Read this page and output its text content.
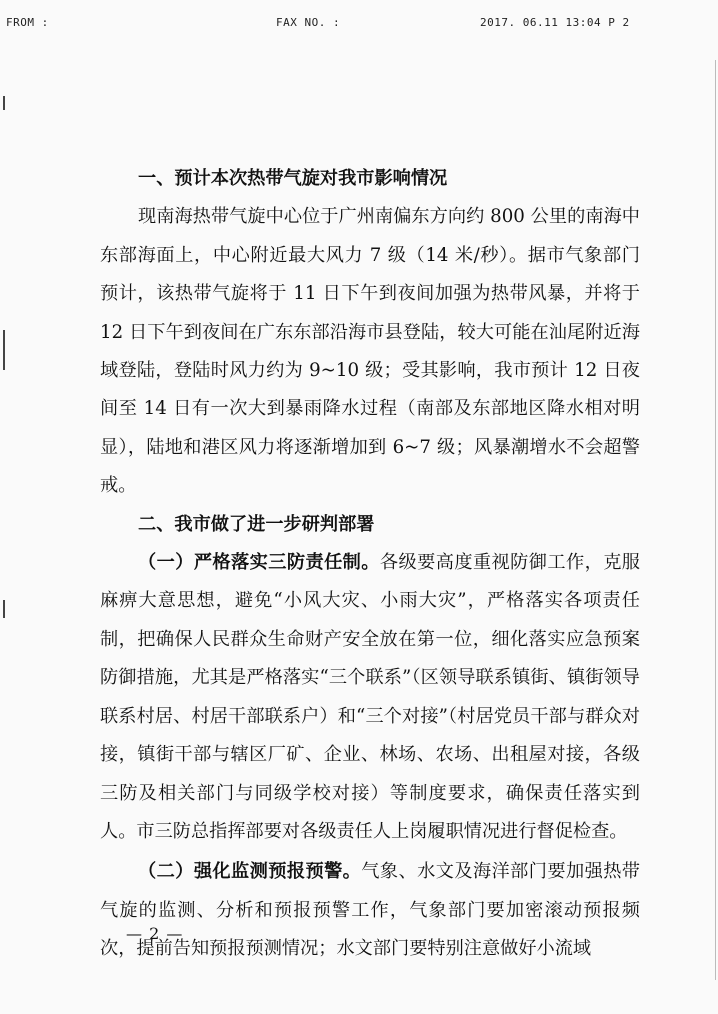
FROM :	FAX NO. :	2017. 06.11 13:04 P 2

一、预计本次热带气旋对我市影响情况

现南海热带气旋中心位于广州南偏东方向约 800 公里的南海中东部海面上，中心附近最大风力 7 级（14 米/秒）。据市气象部门预计，该热带气旋将于 11 日下午到夜间加强为热带风暴，并将于 12 日下午到夜间在广东东部沿海市县登陆，较大可能在汕尾附近海域登陆，登陆时风力约为 9~10 级；受其影响，我市预计 12 日夜间至 14 日有一次大到暴雨降水过程（南部及东部地区降水相对明显），陆地和港区风力将逐渐增加到 6~7 级；风暴潮增水不会超警戒。

二、我市做了进一步研判部署

（一）严格落实三防责任制。各级要高度重视防御工作，克服麻痹大意思想，避免“小风大灾、小雨大灾”，严格落实各项责任制，把确保人民群众生命财产安全放在第一位，细化落实应急预案防御措施，尤其是严格落实“三个联系”（区领导联系镇街、镇街领导联系村居、村居干部联系户）和“三个对接”（村居党员干部与群众对接，镇街干部与辖区厂矿、企业、林场、农场、出租屋对接，各级三防及相关部门与同级学校对接）等制度要求，确保责任落实到人。市三防总指挥部要对各级责任人上岗履职情况进行督促检查。

（二）强化监测预报预警。气象、水文及海洋部门要加强热带气旋的监测、分析和预报预警工作，气象部门要加密滚动预报频次，提前告知预报预测情况；水文部门要特别注意做好小流域

— 2 —
